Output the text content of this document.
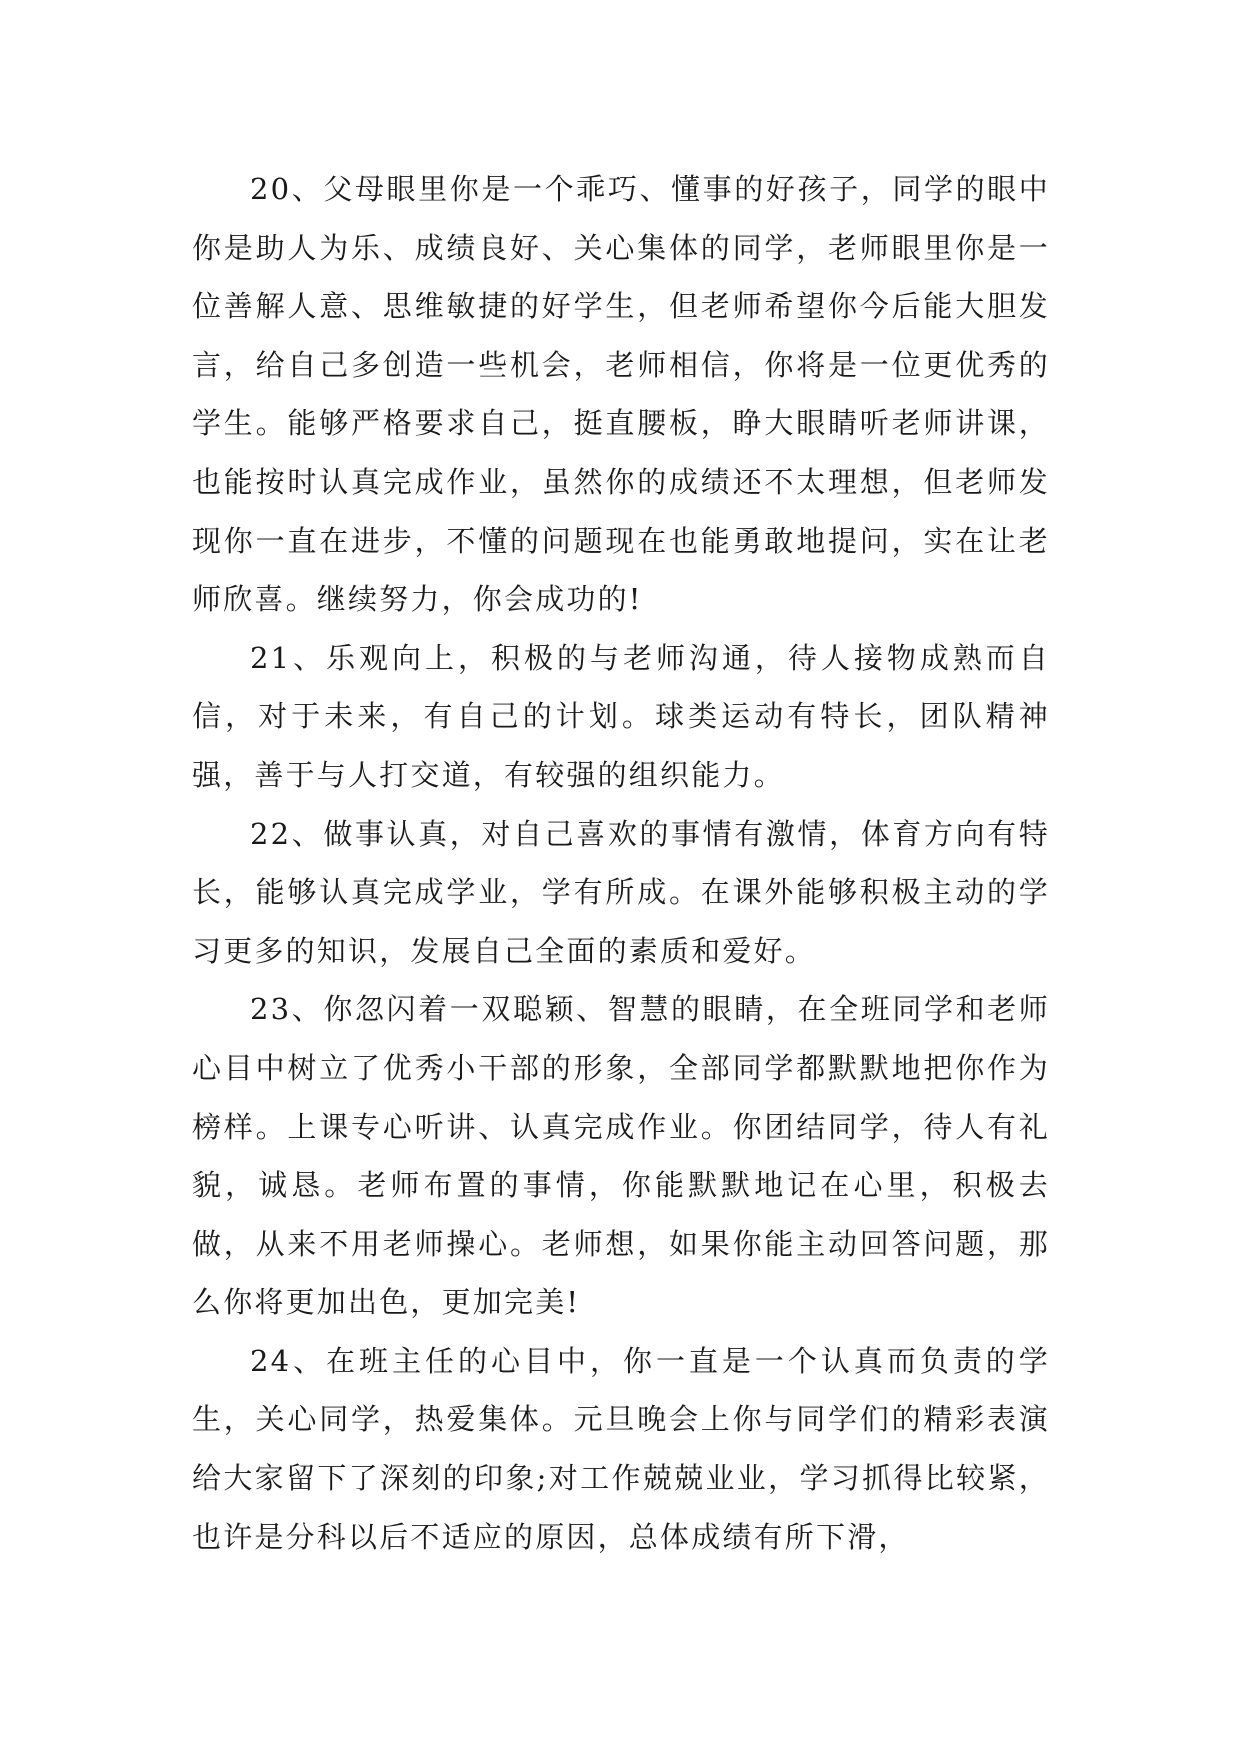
20、父母眼里你是一个乖巧、懂事的好孩子，同学的眼中你是助人为乐、成绩良好、关心集体的同学，老师眼里你是一位善解人意、思维敏捷的好学生，但老师希望你今后能大胆发言，给自己多创造一些机会，老师相信，你将是一位更优秀的学生。能够严格要求自己，挺直腰板，睁大眼睛听老师讲课，也能按时认真完成作业，虽然你的成绩还不太理想，但老师发现你一直在进步，不懂的问题现在也能勇敢地提问，实在让老师欣喜。继续努力，你会成功的!

21、乐观向上，积极的与老师沟通，待人接物成熟而自信，对于未来，有自己的计划。球类运动有特长，团队精神强，善于与人打交道，有较强的组织能力。

22、做事认真，对自己喜欢的事情有激情，体育方向有特长，能够认真完成学业，学有所成。在课外能够积极主动的学习更多的知识，发展自己全面的素质和爱好。

23、你忽闪着一双聪颖、智慧的眼睛，在全班同学和老师心目中树立了优秀小干部的形象，全部同学都默默地把你作为榜样。上课专心听讲、认真完成作业。你团结同学，待人有礼貌，诚恳。老师布置的事情，你能默默地记在心里，积极去做，从来不用老师操心。老师想，如果你能主动回答问题，那么你将更加出色，更加完美!

24、在班主任的心目中，你一直是一个认真而负责的学生，关心同学，热爱集体。元旦晚会上你与同学们的精彩表演给大家留下了深刻的印象;对工作兢兢业业，学习抓得比较紧，也许是分科以后不适应的原因，总体成绩有所下滑，
